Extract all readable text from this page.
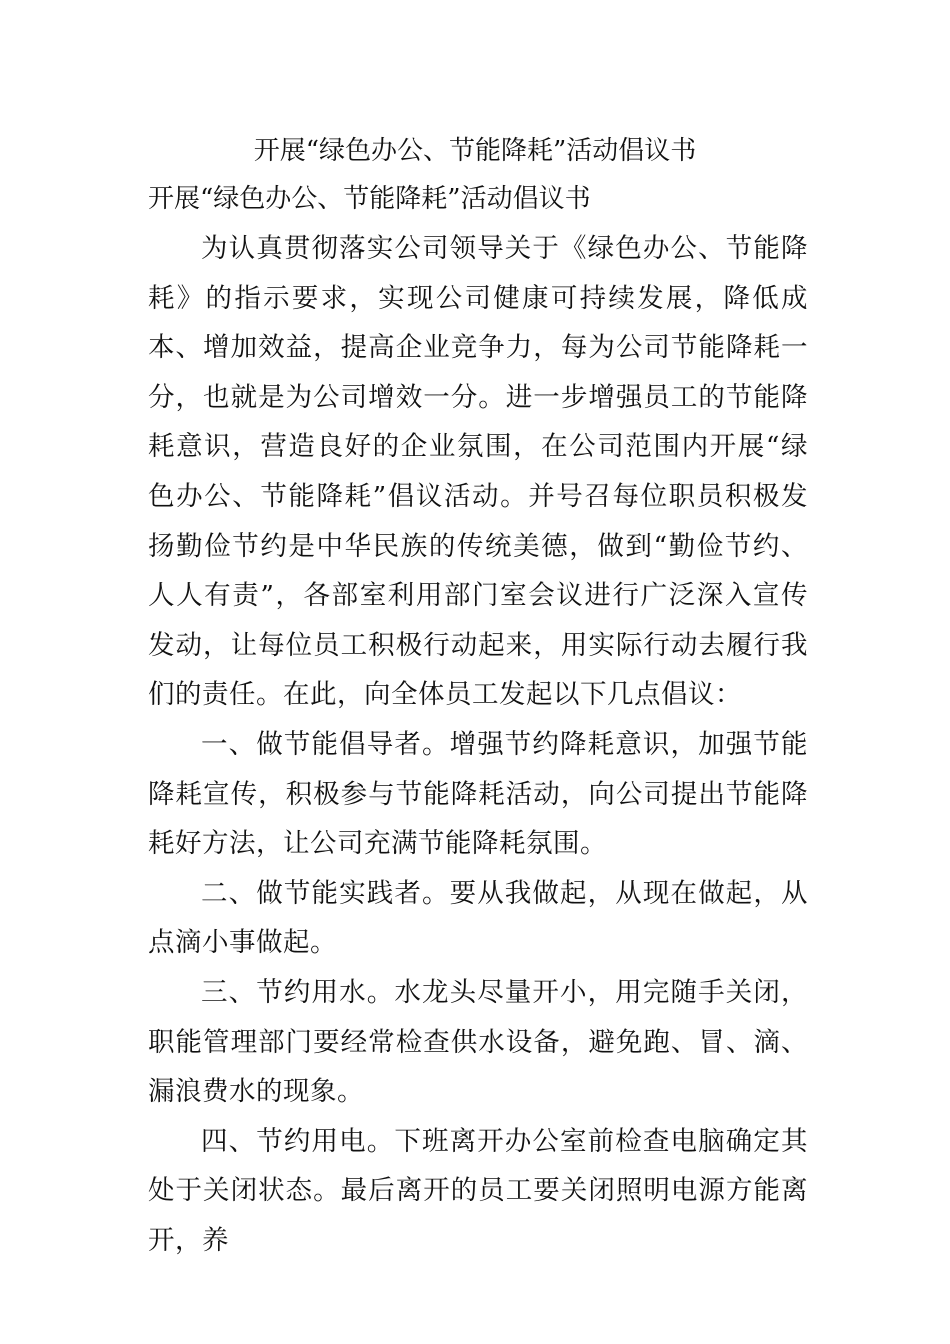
开展“绿色办公、节能降耗”活动倡议书
开展“绿色办公、节能降耗”活动倡议书

为认真贯彻落实公司领导关于《绿色办公、节能降耗》的指示要求，实现公司健康可持续发展，降低成本、增加效益，提高企业竞争力，每为公司节能降耗一分，也就是为公司增效一分。进一步增强员工的节能降耗意识，营造良好的企业氛围，在公司范围内开展“绿色办公、节能降耗”倡议活动。并号召每位职员积极发扬勤俭节约是中华民族的传统美德，做到“勤俭节约、人人有责”，各部室利用部门室会议进行广泛深入宣传发动，让每位员工积极行动起来，用实际行动去履行我们的责任。在此，向全体员工发起以下几点倡议：

一、做节能倡导者。增强节约降耗意识，加强节能降耗宣传，积极参与节能降耗活动，向公司提出节能降耗好方法，让公司充满节能降耗氛围。

二、做节能实践者。要从我做起，从现在做起，从点滴小事做起。

三、节约用水。水龙头尽量开小，用完随手关闭，职能管理部门要经常检查供水设备，避免跑、冒、滴、漏浪费水的现象。

四、节约用电。下班离开办公室前检查电脑确定其处于关闭状态。最后离开的员工要关闭照明电源方能离开，养
